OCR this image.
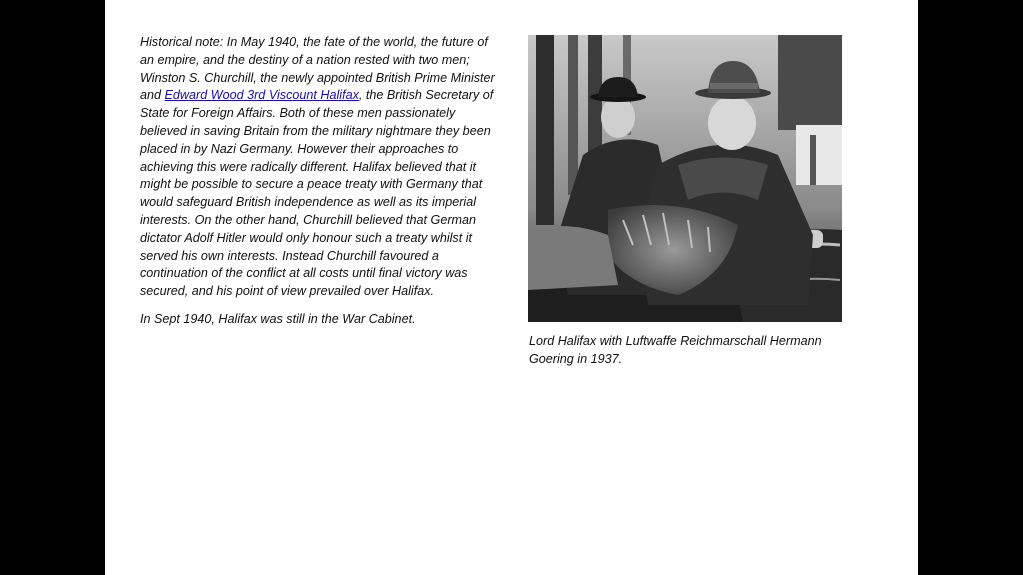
Historical note: In May 1940, the fate of the world, the future of an empire, and the destiny of a nation rested with two men; Winston S. Churchill, the newly appointed British Prime Minister and Edward Wood 3rd Viscount Halifax, the British Secretary of State for Foreign Affairs. Both of these men passionately believed in saving Britain from the military nightmare they been placed in by Nazi Germany. However their approaches to achieving this were radically different. Halifax believed that it might be possible to secure a peace treaty with Germany that would safeguard British independence as well as its imperial interests. On the other hand, Churchill believed that German dictator Adolf Hitler would only honour such a treaty whilst it served his own interests. Instead Churchill favoured a continuation of the conflict at all costs until final victory was secured, and his point of view prevailed over Halifax.

In Sept 1940, Halifax was still in the War Cabinet.

Lord Halifax with Luftwaffe Reichmarschall Hermann Goering in 1937.
